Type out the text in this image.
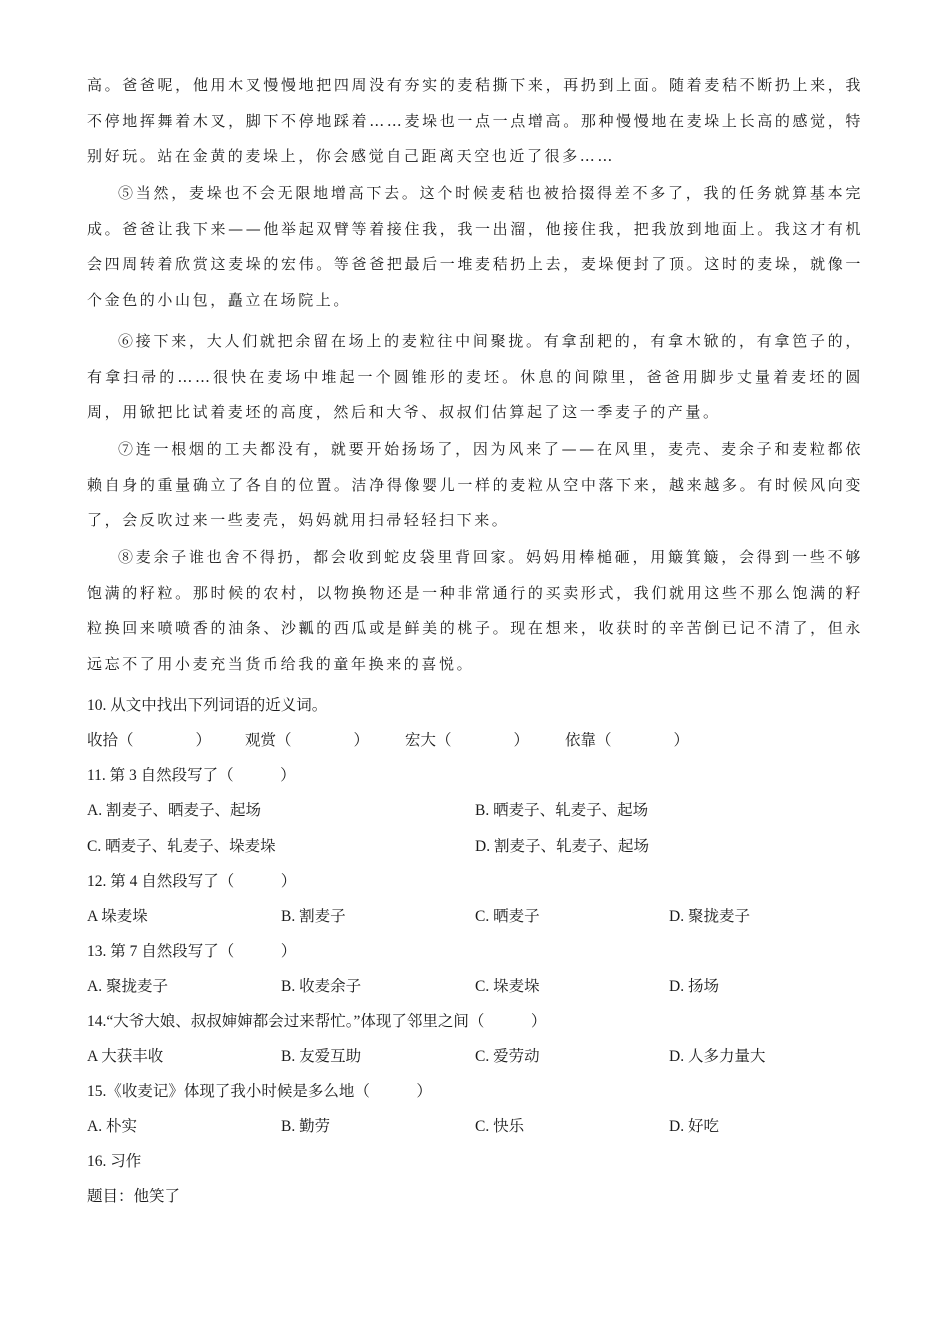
高。爸爸呢，他用木叉慢慢地把四周没有夯实的麦秸撕下来，再扔到上面。随着麦秸不断扔上来，我不停地挥舞着木叉，脚下不停地踩着……麦垛也一点一点增高。那种慢慢地在麦垛上长高的感觉，特别好玩。站在金黄的麦垛上，你会感觉自己距离天空也近了很多……

⑤当然，麦垛也不会无限地增高下去。这个时候麦秸也被拾掇得差不多了，我的任务就算基本完成。爸爸让我下来——他举起双臂等着接住我，我一出溜，他接住我，把我放到地面上。我这才有机会四周转着欣赏这麦垛的宏伟。等爸爸把最后一堆麦秸扔上去，麦垛便封了顶。这时的麦垛，就像一个金色的小山包，矗立在场院上。

⑥接下来，大人们就把余留在场上的麦粒往中间聚拢。有拿刮耙的，有拿木锨的，有拿笆子的，有拿扫帚的……很快在麦场中堆起一个圆锥形的麦坯。休息的间隙里，爸爸用脚步丈量着麦坯的圆周，用锨把比试着麦坯的高度，然后和大爷、叔叔们估算起了这一季麦子的产量。

⑦连一根烟的工夫都没有，就要开始扬场了，因为风来了——在风里，麦壳、麦余子和麦粒都依赖自身的重量确立了各自的位置。洁净得像婴儿一样的麦粒从空中落下来，越来越多。有时候风向变了，会反吹过来一些麦壳，妈妈就用扫帚轻轻扫下来。

⑧麦余子谁也舍不得扔，都会收到蛇皮袋里背回家。妈妈用棒槌砸，用簸箕簸，会得到一些不够饱满的籽粒。那时候的农村，以物换物还是一种非常通行的买卖形式，我们就用这些不那么饱满的籽粒换回来喷喷香的油条、沙瓤的西瓜或是鲜美的桃子。现在想来，收获时的辛苦倒已记不清了，但永远忘不了用小麦充当货币给我的童年换来的喜悦。

10. 从文中找出下列词语的近义词。

收拾（　　　　） 观赏（　　　　） 宏大（　　　　） 依靠（　　　　）

11. 第 3 自然段写了（　　　）

A. 割麦子、晒麦子、起场	B. 晒麦子、轧麦子、起场
C. 晒麦子、轧麦子、垛麦垛	D. 割麦子、轧麦子、起场

12. 第 4 自然段写了（　　　）

A 垛麦垛	B. 割麦子	C. 晒麦子	D. 聚拢麦子

13. 第 7 自然段写了（　　　）

A. 聚拢麦子	B. 收麦余子	C. 垛麦垛	D. 扬场

14.“大爷大娘、叔叔婶婶都会过来帮忙。”体现了邻里之间（　　　）

A 大获丰收	B. 友爱互助	C. 爱劳动	D. 人多力量大

15.《收麦记》体现了我小时候是多么地（　　　）

A. 朴实	B. 勤劳	C. 快乐	D. 好吃

16. 习作

题目：他笑了
